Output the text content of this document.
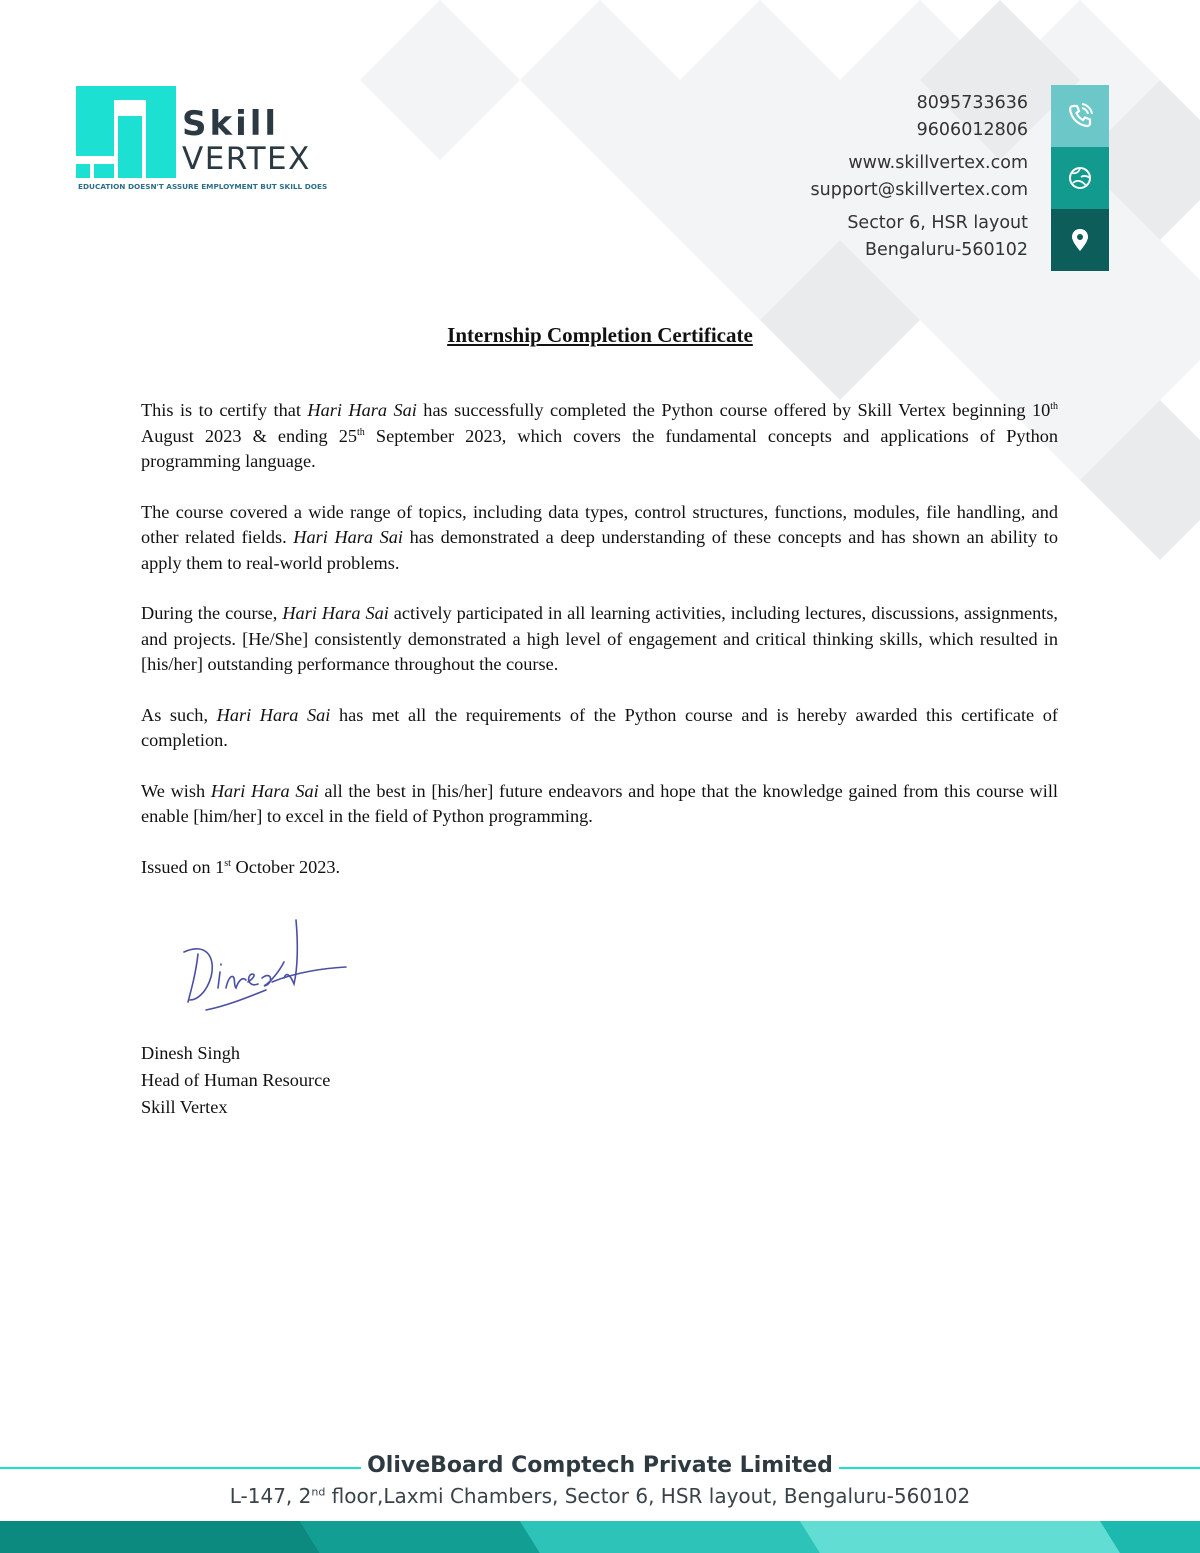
Skill
VERTEX
EDUCATION DOESN'T ASSURE EMPLOYMENT BUT SKILL DOES
8095733636
9606012806
www.skillvertex.com
support@skillvertex.com
Sector 6, HSR layout
Bengaluru-560102
Internship Completion Certificate

This is to certify that Hari Hara Sai has successfully completed the Python course offered by Skill Vertex beginning 10th August 2023 & ending 25th September 2023, which covers the fundamental concepts and applications of Python programming language.

The course covered a wide range of topics, including data types, control structures, functions, modules, file handling, and other related fields. Hari Hara Sai has demonstrated a deep understanding of these concepts and has shown an ability to apply them to real-world problems.

During the course, Hari Hara Sai actively participated in all learning activities, including lectures, discussions, assignments, and projects. [He/She] consistently demonstrated a high level of engagement and critical thinking skills, which resulted in [his/her] outstanding performance throughout the course.

As such, Hari Hara Sai has met all the requirements of the Python course and is hereby awarded this certificate of completion.

We wish Hari Hara Sai all the best in [his/her] future endeavors and hope that the knowledge gained from this course will enable [him/her] to excel in the field of Python programming.

Issued on 1st October 2023.

Dinesh Singh
Head of Human Resource
Skill Vertex
OliveBoard Comptech Private Limited
L-147, 2nd floor,Laxmi Chambers, Sector 6, HSR layout, Bengaluru-560102
